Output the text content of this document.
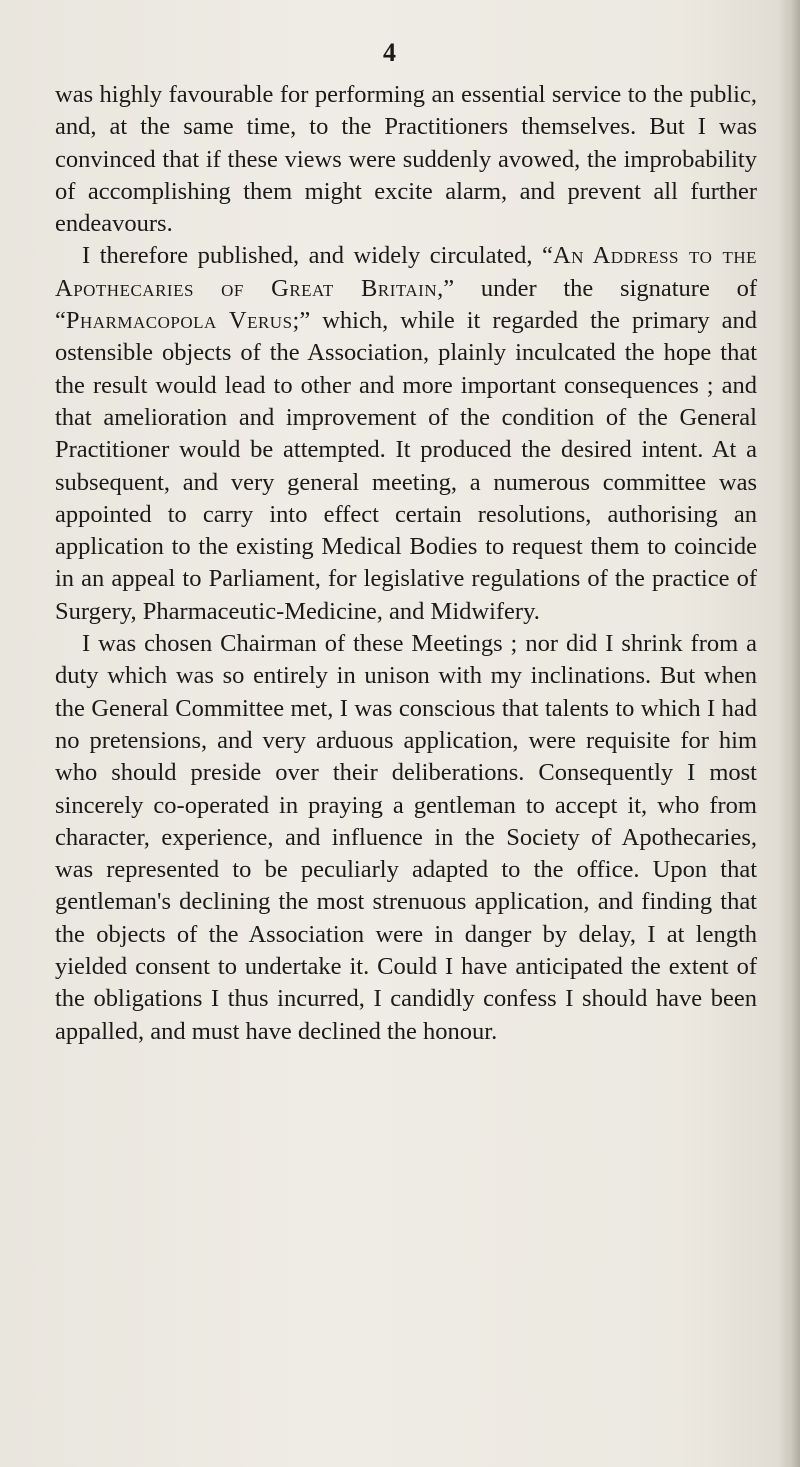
4

was highly favourable for performing an essential service to the public, and, at the same time, to the Practitioners themselves. But I was convinced that if these views were suddenly avowed, the improbability of accomplishing them might excite alarm, and prevent all further endeavours.

I therefore published, and widely circulated, “An Address to the Apothecaries of Great Britain,” under the signature of “Pharmacopola Verus;” which, while it regarded the primary and ostensible objects of the Association, plainly inculcated the hope that the result would lead to other and more important consequences ; and that amelioration and improvement of the condition of the General Practitioner would be attempted. It produced the desired intent. At a subsequent, and very general meeting, a numerous committee was appointed to carry into effect certain resolutions, authorising an application to the existing Medical Bodies to request them to coincide in an appeal to Parliament, for legislative regulations of the practice of Surgery, Pharmaceutic-Medicine, and Midwifery.

I was chosen Chairman of these Meetings ; nor did I shrink from a duty which was so entirely in unison with my inclinations. But when the General Committee met, I was conscious that talents to which I had no pretensions, and very arduous application, were requisite for him who should preside over their deliberations. Consequently I most sincerely co-operated in praying a gentleman to accept it, who from character, experience, and influence in the Society of Apothecaries, was represented to be peculiarly adapted to the office. Upon that gentleman's declining the most strenuous application, and finding that the objects of the Association were in danger by delay, I at length yielded consent to undertake it. Could I have anticipated the extent of the obligations I thus incurred, I candidly confess I should have been appalled, and must have declined the honour.
